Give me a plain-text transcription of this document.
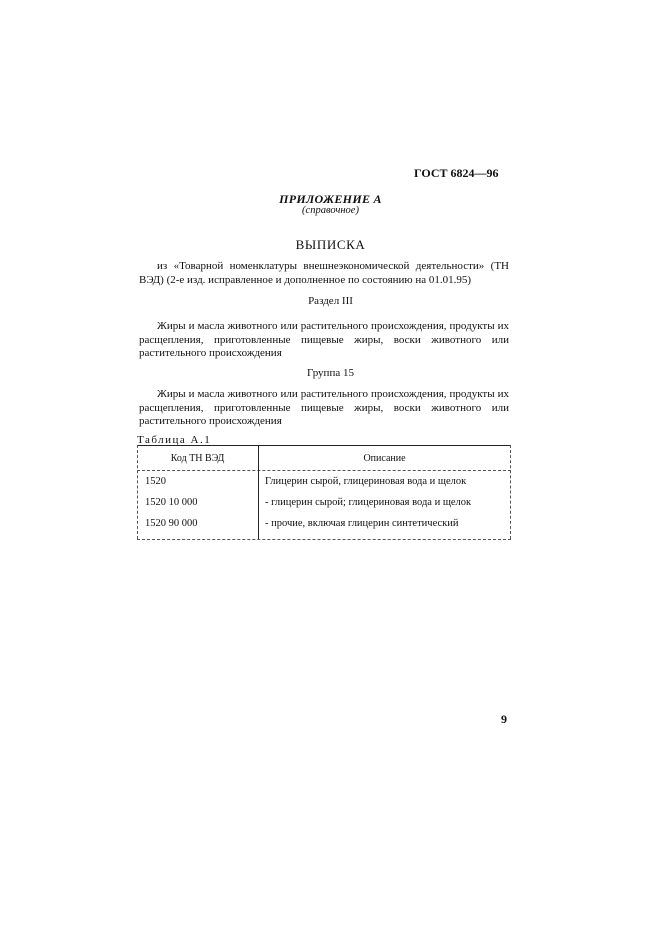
ГОСТ 6824—96
ПРИЛОЖЕНИЕ А
(справочное)
ВЫПИСКА
из «Товарной номенклатуры внешнеэкономической деятельности» (ТН ВЭД) (2-е изд. исправленное и дополненное по состоянию на 01.01.95)
Раздел III
Жиры и масла животного или растительного происхождения, продукты их расщепления, приготовленные пищевые жиры, воски животного или растительного происхождения
Группа 15
Жиры и масла животного или растительного происхождения, продукты их расщепления, приготовленные пищевые жиры, воски животного или растительного происхождения
Таблица А.1
Код ТН ВЭД	Описание
1520	Глицерин сырой, глицериновая вода и щелок
1520 10 000	- глицерин сырой; глицериновая вода и щелок
1520 90 000	- прочие, включая глицерин синтетический
9
